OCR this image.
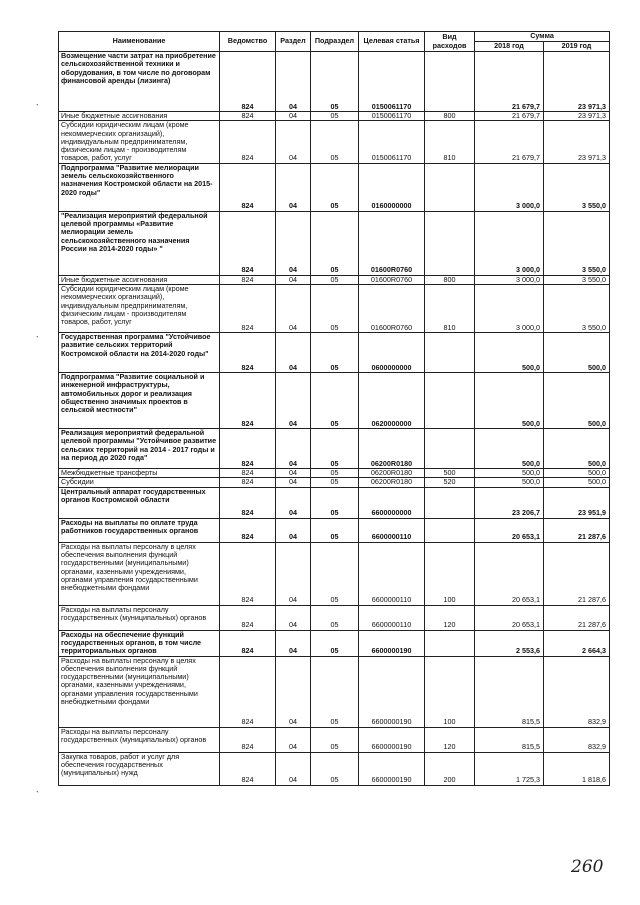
Наименование	Ведомство	Раздел	Подраздел	Целевая статья	Вид расходов	Сумма	
						2018 год	2019 год
Возмещение части затрат на приобретение сельскохозяйственной техники и оборудования, в том числе по договорам финансовой аренды (лизинга)	824	04	05	0150061170		21 679,7	23 971,3
Иные бюджетные ассигнования	824	04	05	0150061170	800	21 679,7	23 971,3
Субсидии юридическим лицам (кроме некоммерческих организаций), индивидуальным предпринимателям, физическим лицам - производителям товаров, работ, услуг	824	04	05	0150061170	810	21 679,7	23 971,3
Подпрограмма "Развитие мелиорации земель сельскохозяйственного назначения Костромской области на 2015-2020 годы"	824	04	05	0160000000		3 000,0	3 550,0
"Реализация мероприятий федеральной целевой программы «Развитие мелиорации земель сельскохозяйственного назначения России на 2014-2020 годы» "	824	04	05	01600R0760		3 000,0	3 550,0
Иные бюджетные ассигнования	824	04	05	01600R0760	800	3 000,0	3 550,0
Субсидии юридическим лицам (кроме некоммерческих организаций), индивидуальным предпринимателям, физическим лицам - производителям товаров, работ, услуг	824	04	05	01600R0760	810	3 000,0	3 550,0
Государственная программа "Устойчивое развитие сельских территорий Костромской области на 2014-2020 годы"	824	04	05	0600000000		500,0	500,0
Подпрограмма "Развитие социальной и инженерной инфраструктуры, автомобильных дорог и реализация общественно значимых проектов в сельской местности"	824	04	05	0620000000		500,0	500,0
Реализация мероприятий федеральной целевой программы "Устойчивое развитие сельских территорий на 2014 - 2017 годы и на период до 2020 года"	824	04	05	06200R0180		500,0	500,0
Межбюджетные трансферты	824	04	05	06200R0180	500	500,0	500,0
Субсидии	824	04	05	06200R0180	520	500,0	500,0
Центральный аппарат государственных органов Костромской области	824	04	05	6600000000		23 206,7	23 951,9
Расходы на выплаты по оплате труда работников государственных органов	824	04	05	6600000110		20 653,1	21 287,6
Расходы на выплаты персоналу в целях обеспечения выполнения функций государственными (муниципальными) органами, казенными учреждениями, органами управления государственными внебюджетными фондами	824	04	05	6600000110	100	20 653,1	21 287,6
Расходы на выплаты персоналу государственных (муниципальных) органов	824	04	05	6600000110	120	20 653,1	21 287,6
Расходы на обеспечение функций государственных органов, в том числе территориальных органов	824	04	05	6600000190		2 553,6	2 664,3
Расходы на выплаты персоналу в целях обеспечения выполнения функций государственными (муниципальными) органами, казенными учреждениями, органами управления государственными внебюджетными фондами	824	04	05	6600000190	100	815,5	832,9
Расходы на выплаты персоналу государственных (муниципальных) органов	824	04	05	6600000190	120	815,5	832,9
Закупка товаров, работ и услуг для обеспечения государственных (муниципальных) нужд	824	04	05	6600000190	200	1 725,3	1 818,6
`
`
`
260
